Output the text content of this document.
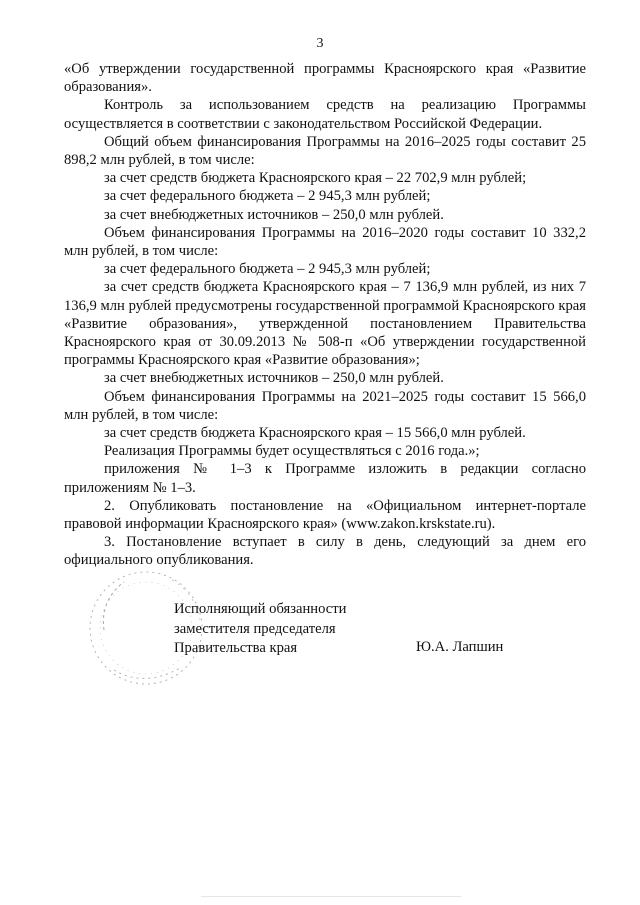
3

«Об утверждении государственной программы Красноярского края «Развитие образования».

Контроль за использованием средств на реализацию Программы осуществляется в соответствии с законодательством Российской Федерации.

Общий объем финансирования Программы на 2016–2025 годы составит 25 898,2 млн рублей, в том числе:

за счет средств бюджета Красноярского края – 22 702,9 млн рублей;

за счет федерального бюджета – 2 945,3 млн рублей;

за счет внебюджетных источников – 250,0 млн рублей.

Объем финансирования Программы на 2016–2020 годы составит 10 332,2 млн рублей, в том числе:

за счет федерального бюджета – 2 945,3 млн рублей;

за счет средств бюджета Красноярского края – 7 136,9 млн рублей, из них 7 136,9 млн рублей предусмотрены государственной программой Красноярского края «Развитие образования», утвержденной постановлением Правительства Красноярского края от 30.09.2013 № 508-п «Об утверждении государственной программы Красноярского края «Развитие образования»;

за счет внебюджетных источников – 250,0 млн рублей.

Объем финансирования Программы на 2021–2025 годы составит 15 566,0 млн рублей, в том числе:

за счет средств бюджета Красноярского края – 15 566,0 млн рублей.

Реализация Программы будет осуществляться с 2016 года.»;

приложения № 1–3 к Программе изложить в редакции согласно приложениям № 1–3.

2. Опубликовать постановление на «Официальном интернет-портале правовой информации Красноярского края» (www.zakon.krskstate.ru).

3. Постановление вступает в силу в день, следующий за днем его официального опубликования.

Исполняющий обязанности
заместителя председателя
Правительства края	Ю.А. Лапшин
